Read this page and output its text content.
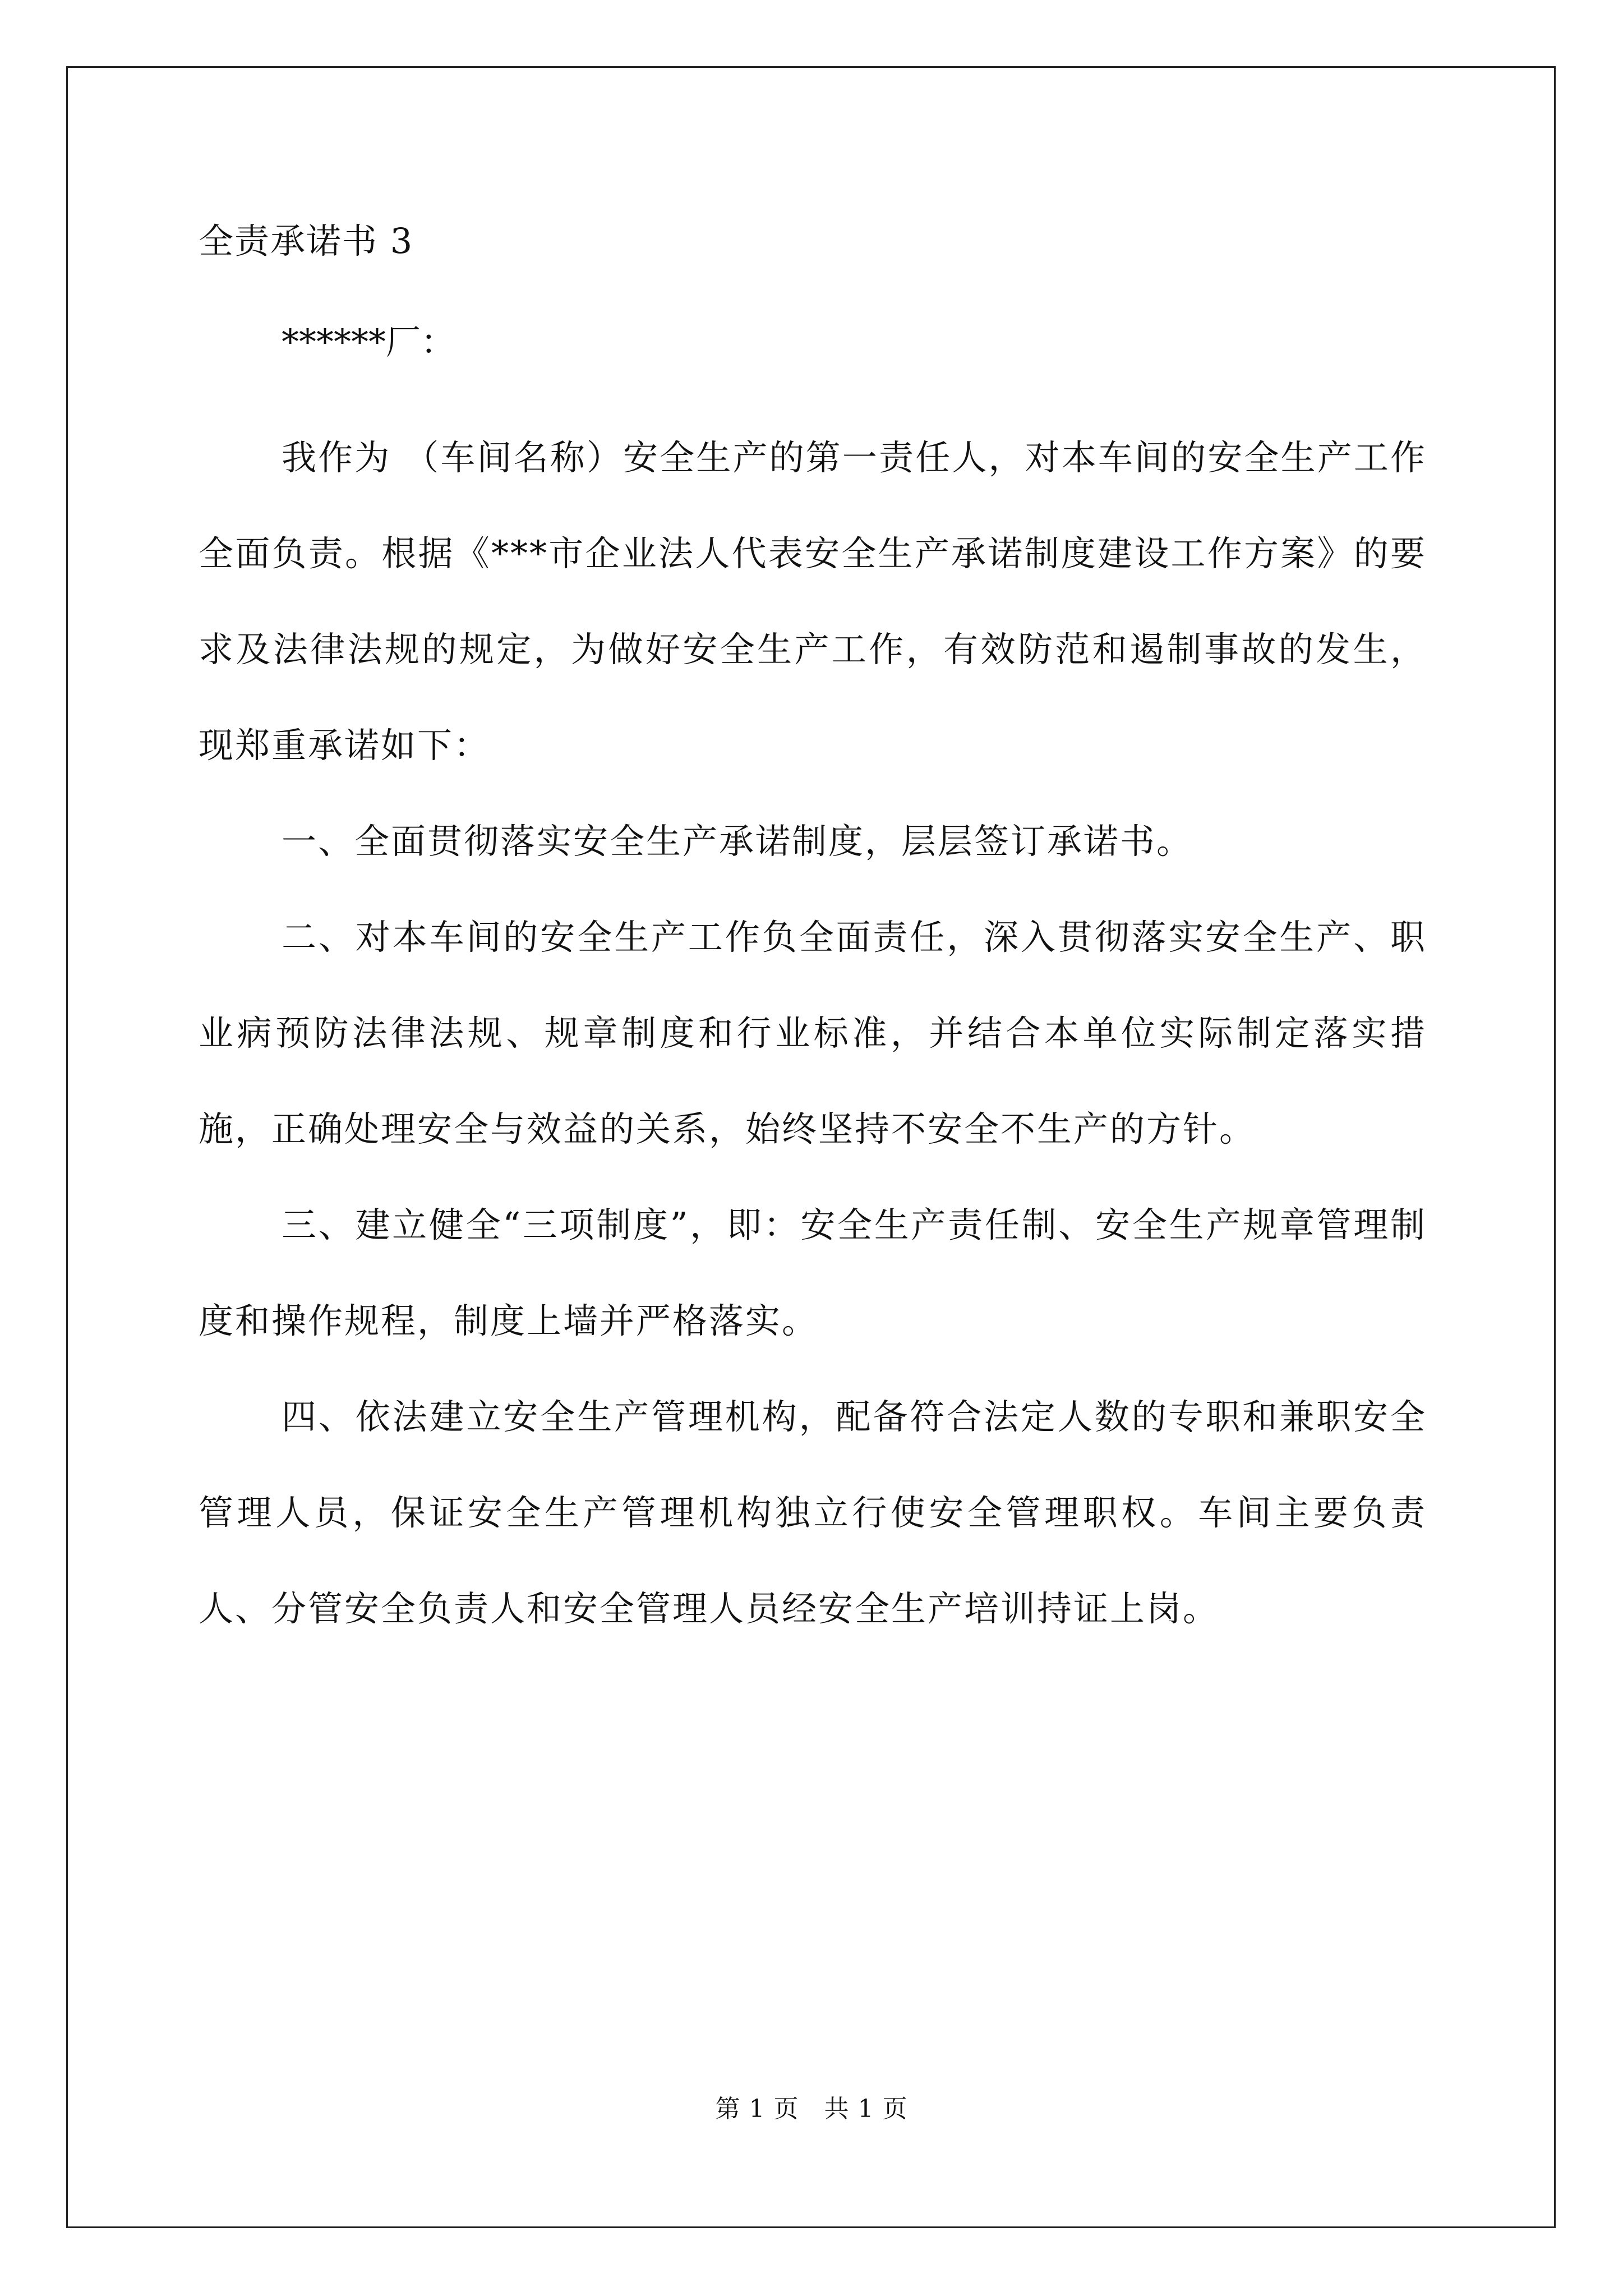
全责承诺书 3
******厂：

我作为 （车间名称）安全生产的第一责任人，对本车间的安全生产工作全面负责。根据《***市企业法人代表安全生产承诺制度建设工作方案》的要求及法律法规的规定，为做好安全生产工作，有效防范和遏制事故的发生，现郑重承诺如下：

一、全面贯彻落实安全生产承诺制度，层层签订承诺书。

二、对本车间的安全生产工作负全面责任，深入贯彻落实安全生产、职业病预防法律法规、规章制度和行业标准，并结合本单位实际制定落实措施，正确处理安全与效益的关系，始终坚持不安全不生产的方针。

三、建立健全“三项制度”，即：安全生产责任制、安全生产规章管理制度和操作规程，制度上墙并严格落实。

四、依法建立安全生产管理机构，配备符合法定人数的专职和兼职安全管理人员，保证安全生产管理机构独立行使安全管理职权。车间主要负责人、分管安全负责人和安全管理人员经安全生产培训持证上岗。

第 1 页　共 1 页
